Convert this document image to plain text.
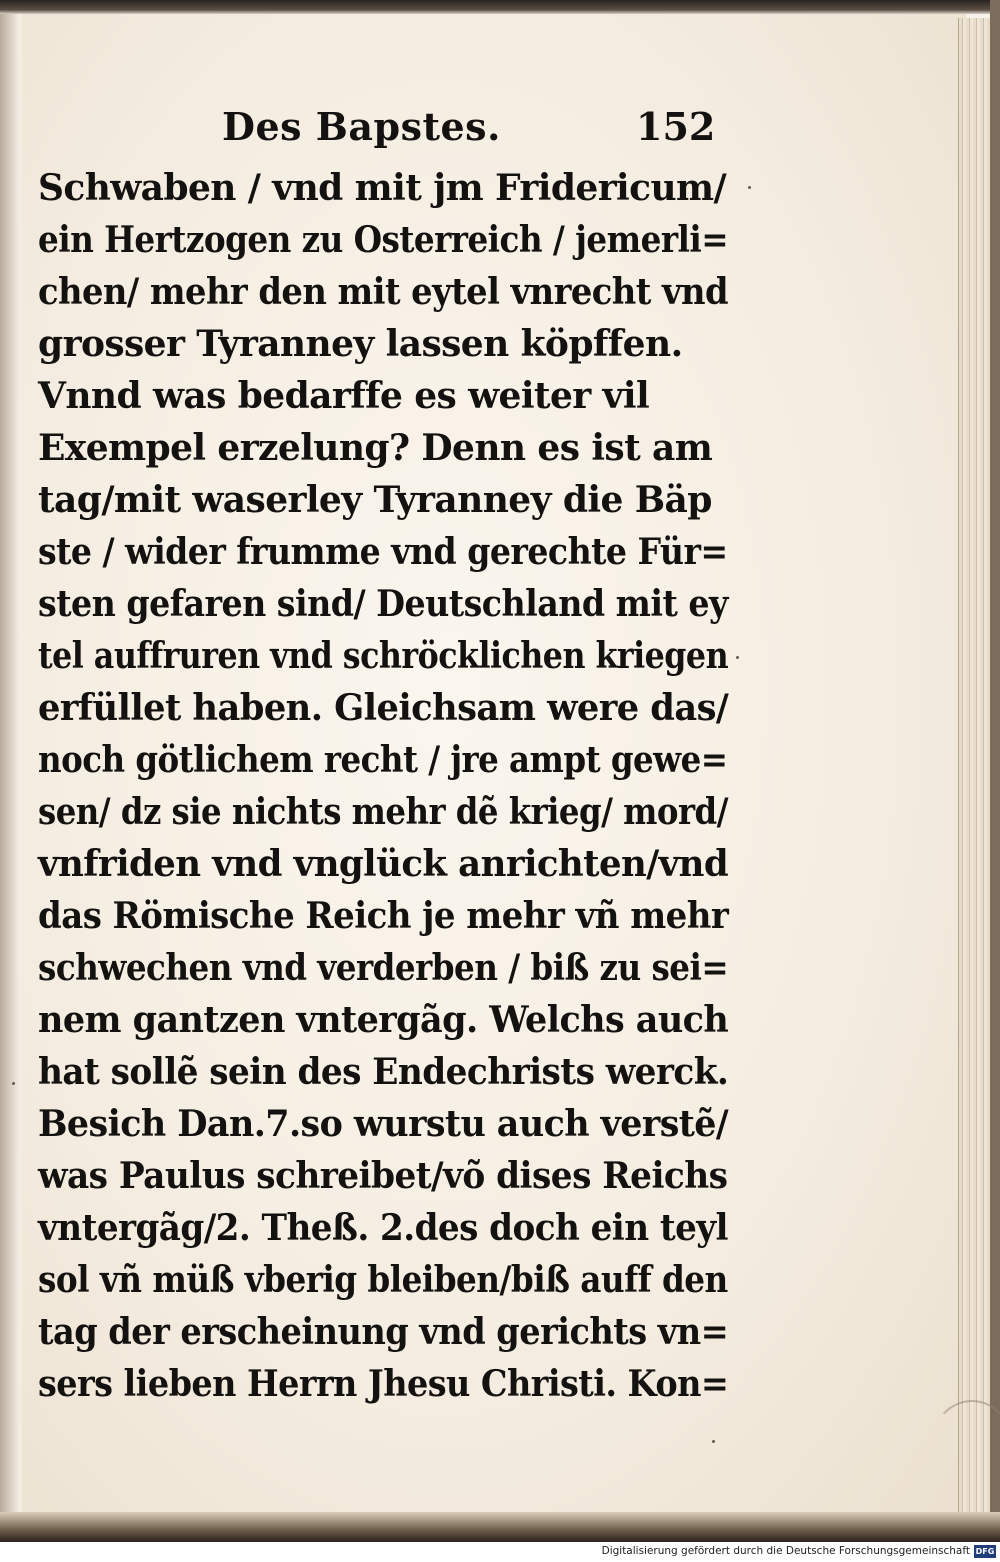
Des Bapstes.	152
Schwaben / vnd mit jm Fridericum/
ein Hertzogen zu Osterreich / jemerli=
chen/ mehr den mit eytel vnrecht vnd
grosser Tyranney lassen köpffen.
Vnnd was bedarffe es weiter vil
Exempel erzelung? Denn es ist am
tag/mit waserley Tyranney die Bäp
ste / wider frumme vnd gerechte Für=
sten gefaren sind/ Deutschland mit ey
tel auffruren vnd schröcklichen kriegen
erfüllet haben. Gleichsam were das/
noch götlichem recht / jre ampt gewe=
sen/ dz sie nichts mehr dẽ krieg/ mord/
vnfriden vnd vnglück anrichten/vnd
das Römische Reich je mehr vñ mehr
schwechen vnd verderben / biß zu sei=
nem gantzen vntergãg. Welchs auch
hat sollẽ sein des Endechrists werck.
Besich Dan.7.so wurstu auch verstẽ/
was Paulus schreibet/võ dises Reichs
vntergãg/2. Theß. 2.des doch ein teyl
sol vñ müß vberig bleiben/biß auff den
tag der erscheinung vnd gerichts vn=
sers lieben Herrn Jhesu Christi. Kon=
Digitalisierung gefördert durch die Deutsche Forschungsgemeinschaft DFG
